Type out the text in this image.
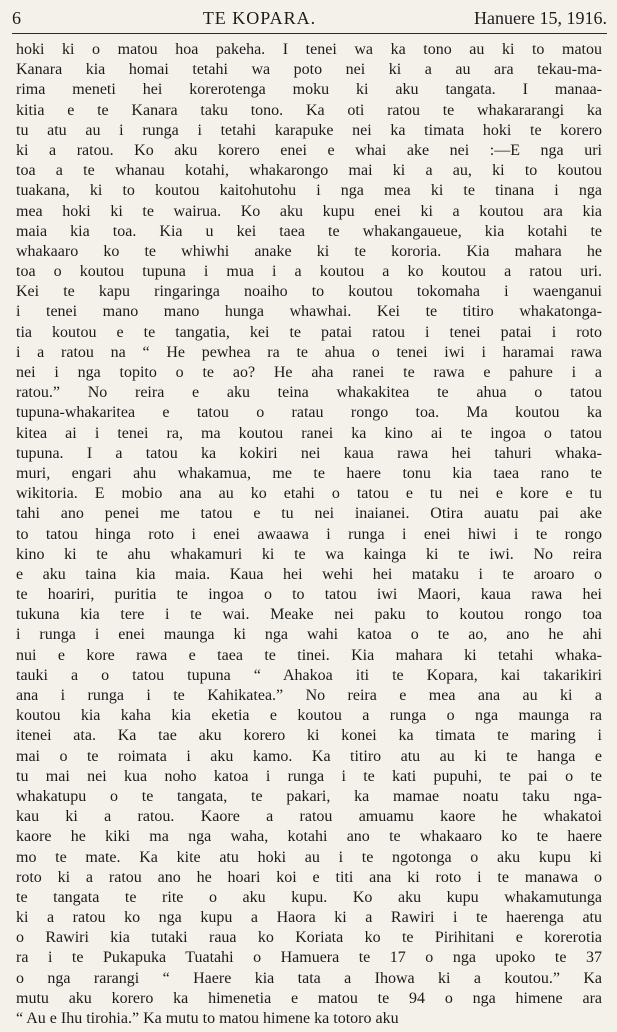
6	TE KOPARA.	Hanuere 15, 1916.
hoki ki o matou hoa pakeha. I tenei wa ka tono au ki to matou
Kanara kia homai tetahi wa poto nei ki a au ara tekau-ma-
rima meneti hei korerotenga moku ki aku tangata. I manaa-
kitia e te Kanara taku tono. Ka oti ratou te whakararangi ka
tu atu au i runga i tetahi karapuke nei ka timata hoki te korero
ki a ratou. Ko aku korero enei e whai ake nei :—E nga uri
toa a te whanau kotahi, whakarongo mai ki a au, ki to koutou
tuakana, ki to koutou kaitohutohu i nga mea ki te tinana i nga
mea hoki ki te wairua. Ko aku kupu enei ki a koutou ara kia
maia kia toa. Kia u kei taea te whakangaueue, kia kotahi te
whakaaro ko te whiwhi anake ki te kororia. Kia mahara he
toa o koutou tupuna i mua i a koutou a ko koutou a ratou uri.
Kei te kapu ringaringa noaiho to koutou tokomaha i waenganui
i tenei mano mano hunga whawhai. Kei te titiro whakatonga-
tia koutou e te tangatia, kei te patai ratou i tenei patai i roto
i a ratou na “ He pewhea ra te ahua o tenei iwi i haramai rawa
nei i nga topito o te ao? He aha ranei te rawa e pahure i a
ratou.” No reira e aku teina whakakitea te ahua o tatou
tupuna-whakaritea e tatou o ratau rongo toa. Ma koutou ka
kitea ai i tenei ra, ma koutou ranei ka kino ai te ingoa o tatou
tupuna. I a tatou ka kokiri nei kaua rawa hei tahuri whaka-
muri, engari ahu whakamua, me te haere tonu kia taea rano te
wikitoria. E mobio ana au ko etahi o tatou e tu nei e kore e tu
tahi ano penei me tatou e tu nei inaianei. Otira auatu pai ake
to tatou hinga roto i enei awaawa i runga i enei hiwi i te rongo
kino ki te ahu whakamuri ki te wa kainga ki te iwi. No reira
e aku taina kia maia. Kaua hei wehi hei mataku i te aroaro o
te hoariri, puritia te ingoa o to tatou iwi Maori, kaua rawa hei
tukuna kia tere i te wai. Meake nei paku to koutou rongo toa
i runga i enei maunga ki nga wahi katoa o te ao, ano he ahi
nui e kore rawa e taea te tinei. Kia mahara ki tetahi whaka-
tauki a o tatou tupuna “ Ahakoa iti te Kopara, kai takarikiri
ana i runga i te Kahikatea.” No reira e mea ana au ki a
koutou kia kaha kia eketia e koutou a runga o nga maunga ra
itenei ata. Ka tae aku korero ki konei ka timata te maring i
mai o te roimata i aku kamo. Ka titiro atu au ki te hanga e
tu mai nei kua noho katoa i runga i te kati pupuhi, te pai o te
whakatupu o te tangata, te pakari, ka mamae noatu taku nga-
kau ki a ratou. Kaore a ratou amuamu kaore he whakatoi
kaore he kiki ma nga waha, kotahi ano te whakaaro ko te haere
mo te mate. Ka kite atu hoki au i te ngotonga o aku kupu ki
roto ki a ratou ano he hoari koi e titi ana ki roto i te manawa o
te tangata te rite o aku kupu. Ko aku kupu whakamutunga
ki a ratou ko nga kupu a Haora ki a Rawiri i te haerenga atu
o Rawiri kia tutaki raua ko Koriata ko te Pirihitani e korerotia
ra i te Pukapuka Tuatahi o Hamuera te 17 o nga upoko te 37
o nga rarangi “ Haere kia tata a Ihowa ki a koutou.” Ka
mutu aku korero ka himenetia e matou te 94 o nga himene ara
“ Au e Ihu tirohia.” Ka mutu to matou himene ka totoro aku
